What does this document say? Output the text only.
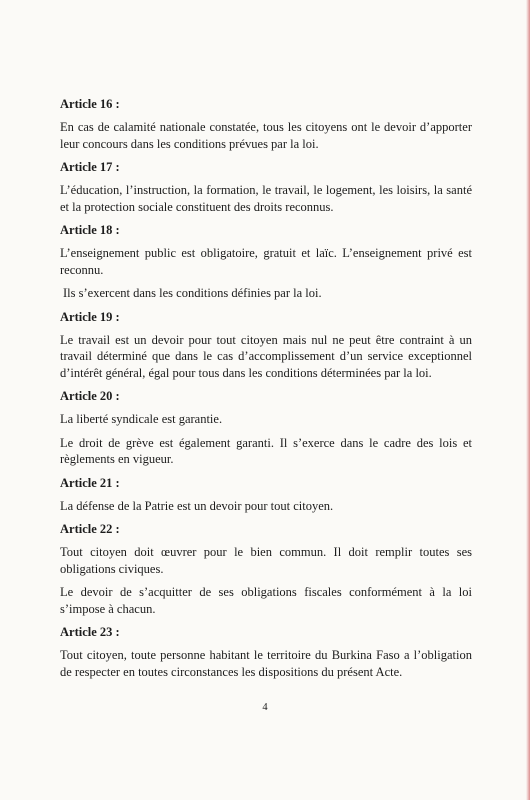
Article 16 :

En cas de calamité nationale constatée, tous les citoyens ont le devoir d’apporter leur concours dans les conditions prévues par la loi.

Article 17 :

L’éducation, l’instruction, la formation, le travail, le logement, les loisirs, la santé et la protection sociale constituent des droits reconnus.

Article 18 :

L’enseignement public est obligatoire, gratuit et laïc. L’enseignement privé est reconnu.

Ils s’exercent dans les conditions définies par la loi.

Article 19 :

Le travail est un devoir pour tout citoyen mais nul ne peut être contraint à un travail déterminé que dans le cas d’accomplissement d’un service exceptionnel d’intérêt général, égal pour tous dans les conditions déterminées par la loi.

Article 20 :

La liberté syndicale est garantie.

Le droit de grève est également garanti. Il s’exerce dans le cadre des lois et règlements en vigueur.

Article 21 :

La défense de la Patrie est un devoir pour tout citoyen.

Article 22 :

Tout citoyen doit œuvrer pour le bien commun. Il doit remplir toutes ses obligations civiques.

Le devoir de s’acquitter de ses obligations fiscales conformément à la loi s’impose à chacun.

Article 23 :

Tout citoyen, toute personne habitant le territoire du Burkina Faso a l’obligation de respecter en toutes circonstances les dispositions du présent Acte.

4
